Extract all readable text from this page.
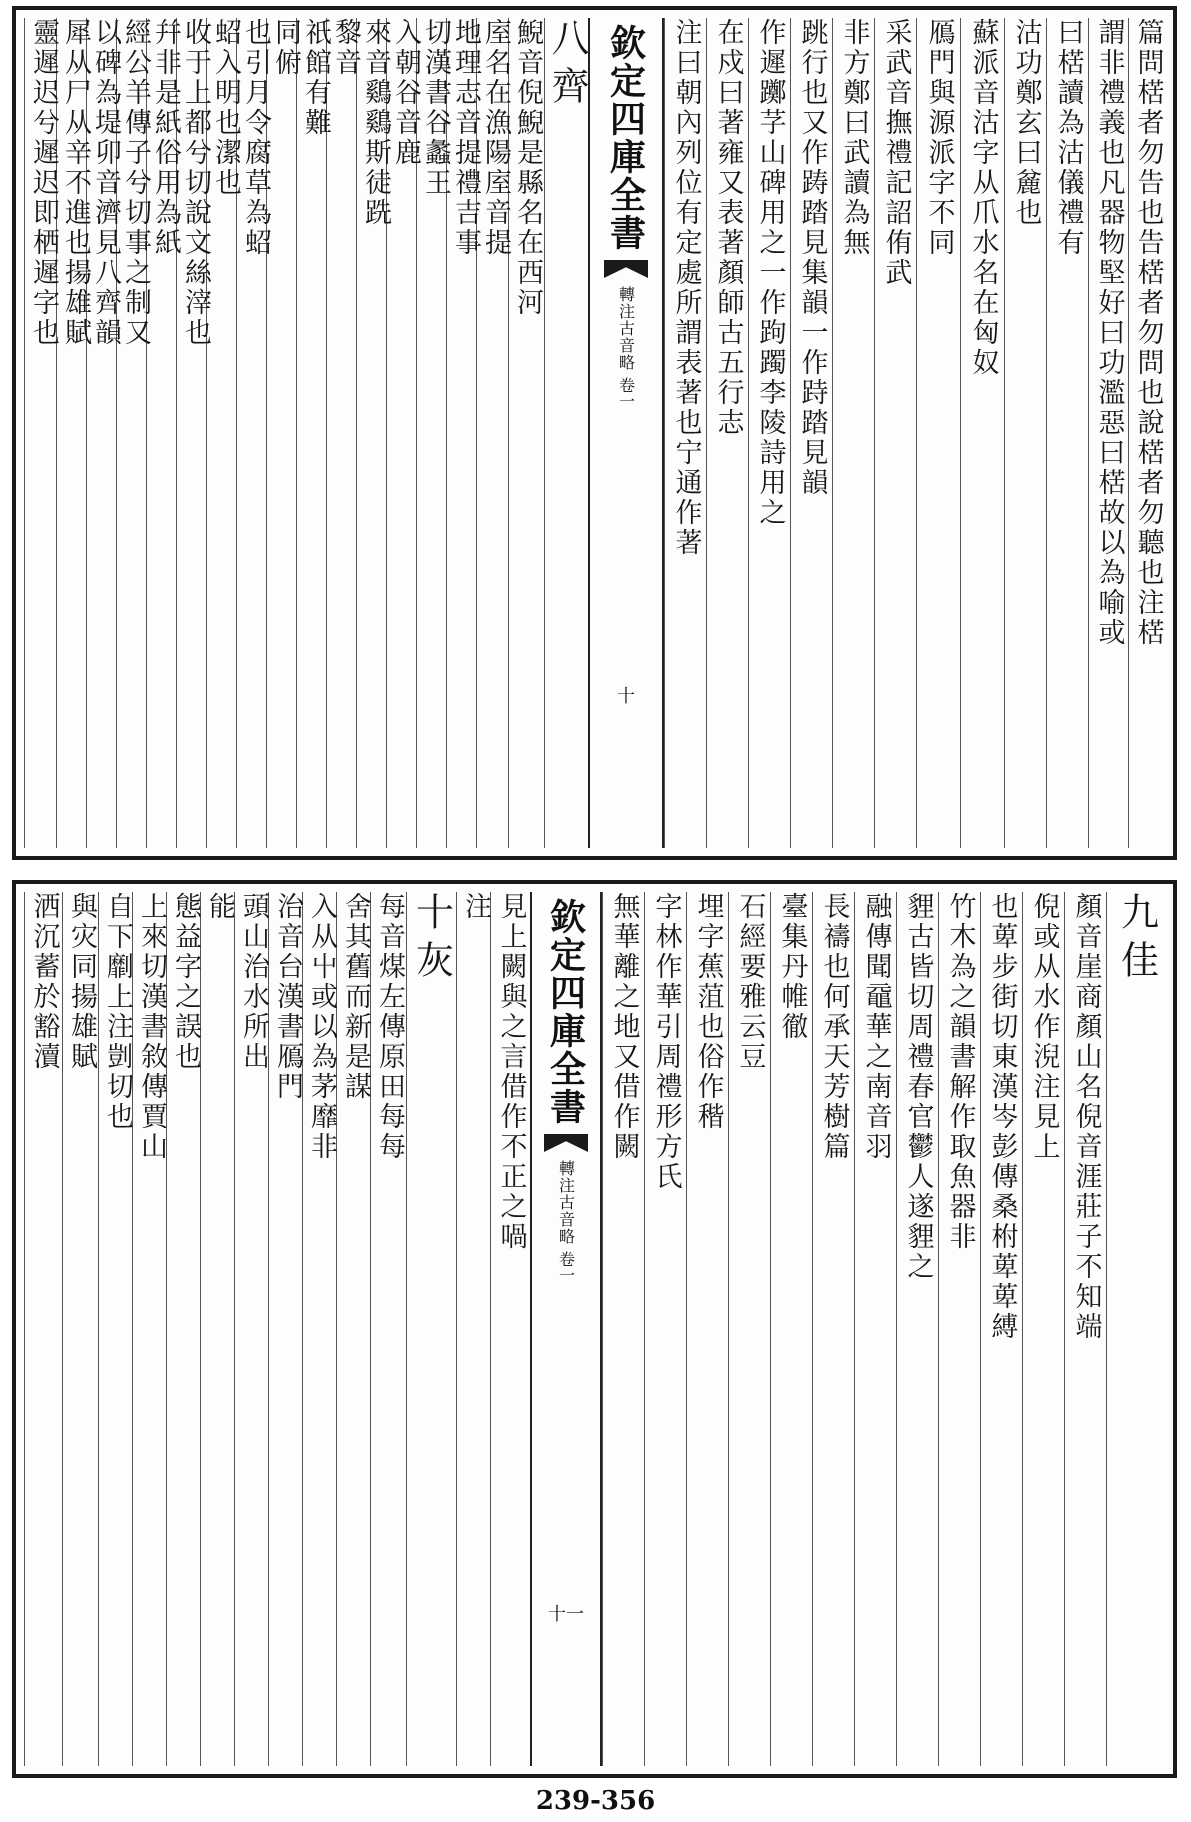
篇問楛者勿告也告楛者勿問也說楛者勿聽也注楛
謂非禮義也凡器物堅好曰功濫惡曰楛故以為喻或
曰楛讀為沽儀禮有
沽功鄭玄曰麄也
蘇派音沽字从爪水名在匈奴
鴈門與源派字不同
采武音撫禮記詔侑武
非方鄭曰武讀為無
跳行也又作踌踏見集韻一作跱踏見韻
作遲躑芓山碑用之一作跔躅李陵詩用之
在戍曰著雍又表著顏師古五行志
注曰朝內列位有定處所謂表著也宁通作著
欽定四庫全書
轉注古音略
卷一
十
八齊
鯢音倪鯢是縣名在西河
庢名在漁陽庢音提
地理志音提禮吉事
切漢書谷蠡王
入朝谷音鹿
來音鷄鷄斯徒跣
黎音
祇館有難
同俯
也引月令腐草為蛁
蛁入明也潔也
收于上都兮切說文絲滓也
幷非是紙俗用為紙
經公羊傳子兮切事之制又
以碑為堤卯音濟見八齊韻
犀从尸从辛不進也揚雄賦
靈遲迟兮遲迟即栖遲字也
九佳
顏音崖商顏山名倪音涯莊子不知端
倪或从水作淣注見上
也萆步街切東漢岑彭傳桑柎萆萆縛
竹木為之韻書解作取魚器非
貍古皆切周禮春官鬱人遂貍之
融傳聞黿華之南音羽
長禱也何承天芳樹篇
臺集丹帷徹
石經要雅云豆
埋字蕉菹也俗作稭
字林作華引周禮形方氏
無華離之地又借作闕
欽定四庫全書
轉注古音略
卷一
十一
見上闕與之言借作不正之喎
注
十灰
每音煤左傳原田每每
舍其舊而新是謀
入从屮或以為茅靡非
治音台漢書鴈門
頭山治水所出
能
態益字之誤也
上來切漢書敘傳賈山
自下劘上注剴切也
與灾同揚雄賦
洒沉蓄於豁瀆
239-356
